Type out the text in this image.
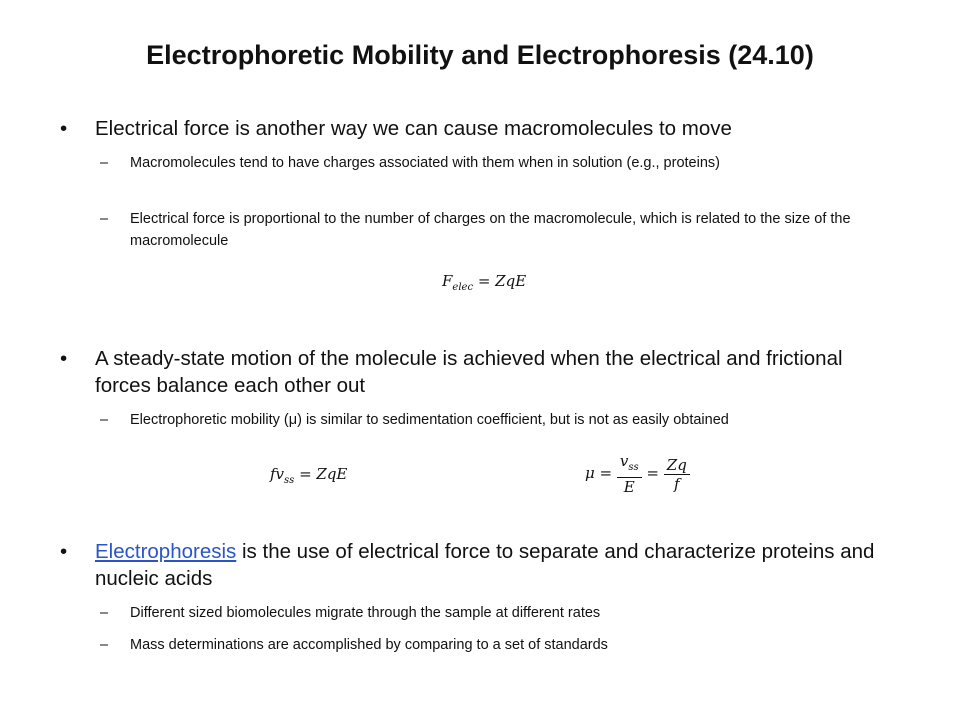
Electrophoretic Mobility and Electrophoresis (24.10)
• Electrical force is another way we can cause macromolecules to move
– Macromolecules tend to have charges associated with them when in solution (e.g., proteins)
– Electrical force is proportional to the number of charges on the macromolecule, which is related to the size of the macromolecule
$F_{elec}$ = ZqE
• A steady-state motion of the molecule is achieved when the electrical and frictional forces balance each other out
– Electrophoretic mobility (μ) is similar to sedimentation coefficient, but is not as easily obtained
$fv_{ss}$ = ZqE	$\mu = \frac{v_{ss}}{E} = \frac{Zq}{f}$
• Electrophoresis is the use of electrical force to separate and characterize proteins and nucleic acids
– Different sized biomolecules migrate through the sample at different rates
– Mass determinations are accomplished by comparing to a set of standards
